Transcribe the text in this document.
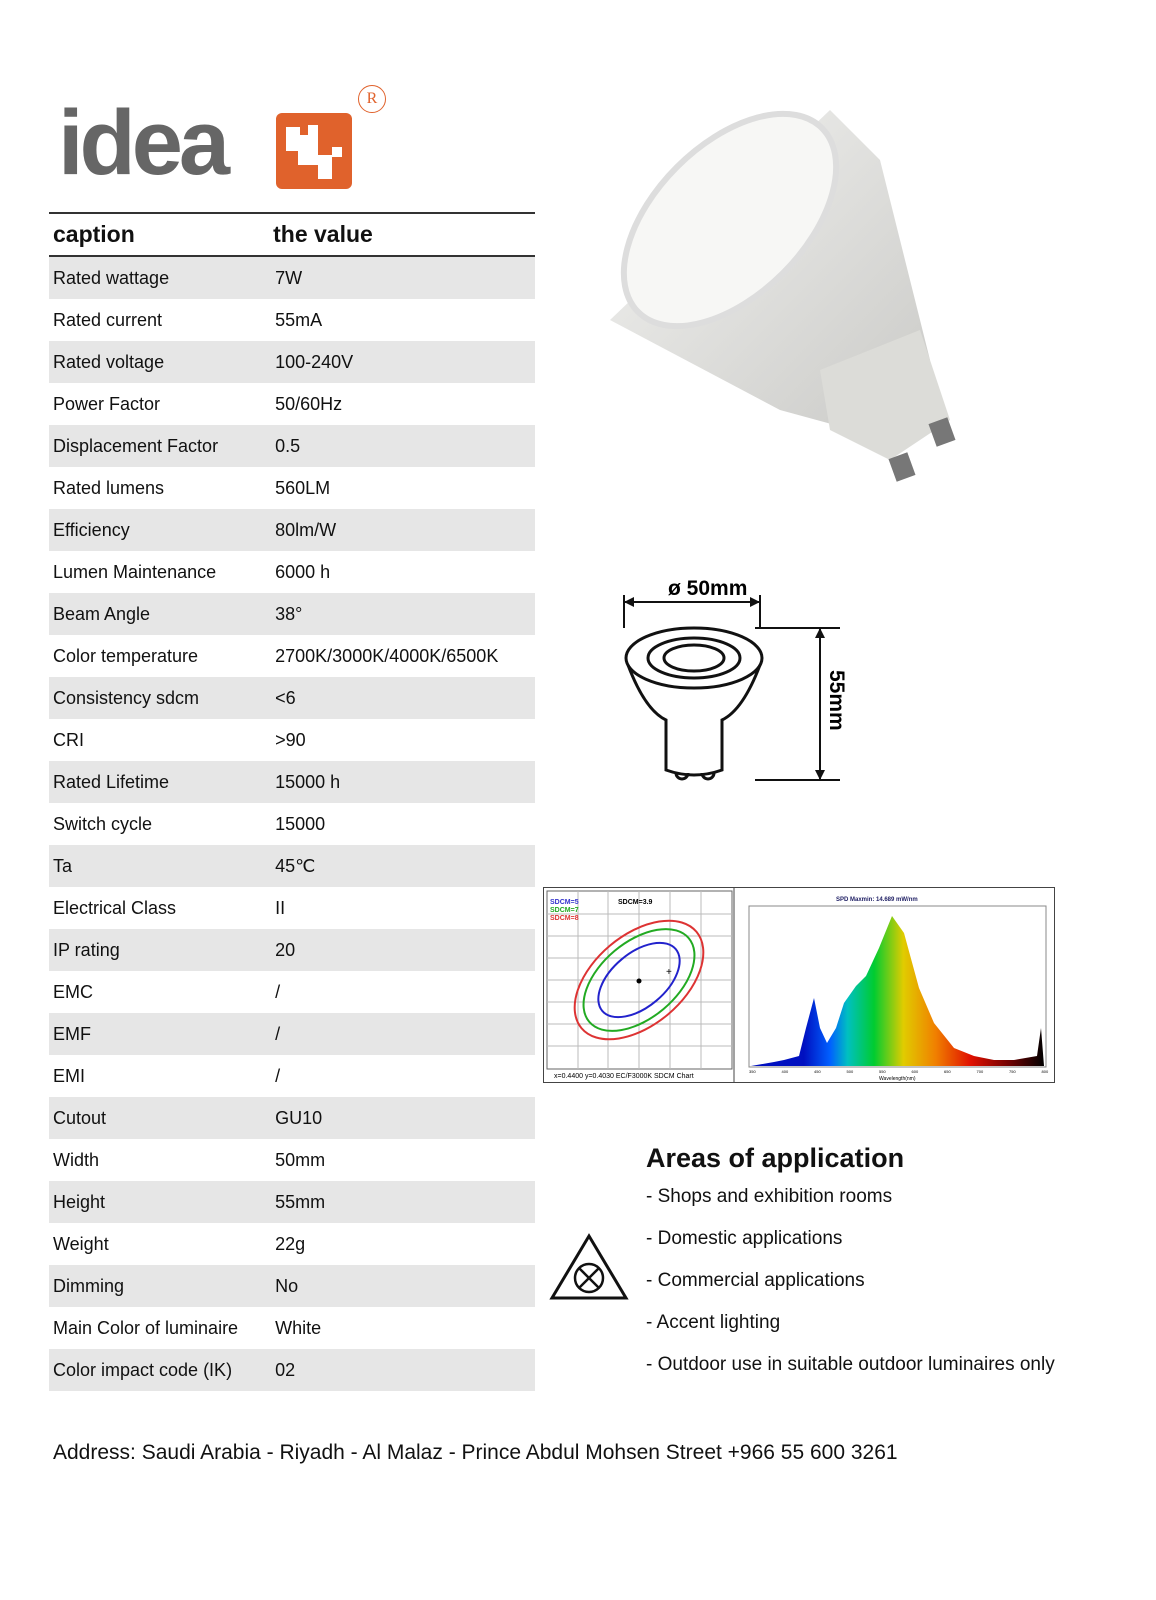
idea	R
caption	the value
Rated wattage	7W
Rated current	55mA
Rated voltage	100-240V
Power Factor	50/60Hz
Displacement Factor	0.5
Rated lumens	560LM
Efficiency	80lm/W
Lumen Maintenance	6000 h
Beam Angle	38°
Color temperature	2700K/3000K/4000K/6500K
Consistency sdcm	<6
CRI	>90
Rated Lifetime	15000 h
Switch cycle	15000
Ta	45℃
Electrical Class	II
IP rating	20
EMC	/
EMF	/
EMI	/
Cutout	GU10
Width	50mm
Height	55mm
Weight	22g
Dimming	No
Main Color of luminaire	White
Color impact code (IK)	02
ø 50mm
55mm
+
SDCM=5
SDCM=7
SDCM=8
SDCM=3.9
x=0.4400 y=0.4030 EC/F3000K SDCM Chart
SPD Maxmin: 14.689 mW/nm
350	400	450	500	550	600	650	700	750	800
Wavelength(nm)
Areas of application
- Shops and exhibition rooms
- Domestic applications
- Commercial applications
- Accent lighting
- Outdoor use in suitable outdoor luminaires only
Address: Saudi Arabia - Riyadh - Al Malaz - Prince Abdul Mohsen Street +966 55 600 3261
